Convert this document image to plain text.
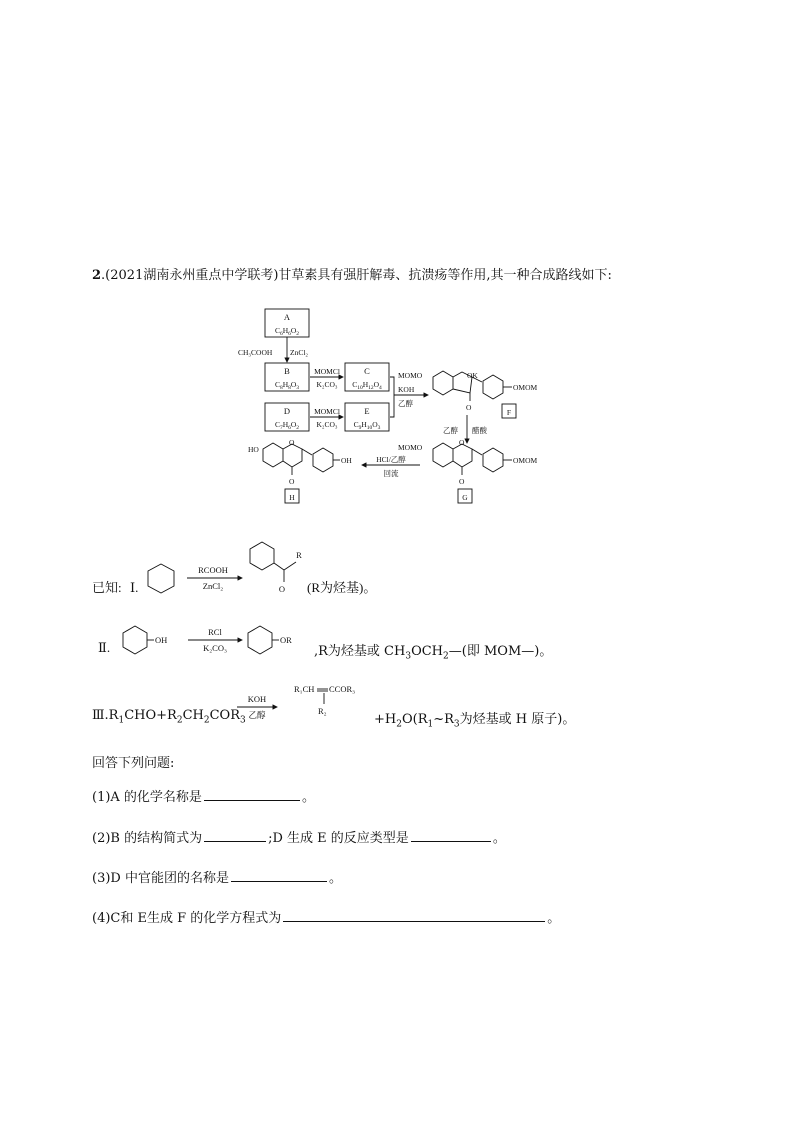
2.(2021湖南永州重点中学联考)甘草素具有强肝解毒、抗溃疡等作用,其一种合成路线如下:
A
B	C
D	E
$C_6H_6O_2$
$C_8H_8O_3$	$C_{10}H_{12}O_4$
$C_7H_6O_2$	$C_9H_{10}O_3$
CH₃COOH ZnCl₂
MOMCl
K₂CO₃
MOMCl
K₂CO₃
KOH
乙醇
乙醇 醋酸
HCl/乙醇
回流
MOMO	OK
OMOM
O
F
MOMO
O
O
OMOM
G
HO
O
O
OH
H
已知: Ⅰ.
RCOOH
ZnCl₂
R
O (R为烃基)。
Ⅱ.	OH
RCl
K₂CO₃
OR
,R为烃基或 $CH_3OCH_2—$(即 MOM—)。
$Ⅲ.R_1CHO+R_2CH_2COR_3$
KOH
乙醇
R₁CH CCOR₃
R₂
$+H_2O(R_1\sim R_3$为烃基或 H 原子)。
回答下列问题:
(1)A 的化学名称是	。
(2)B 的结构简式为	;D 生成 E 的反应类型是	。
(3)D 中官能团的名称是	。
(4)C和 E生成 F 的化学方程式为	。
